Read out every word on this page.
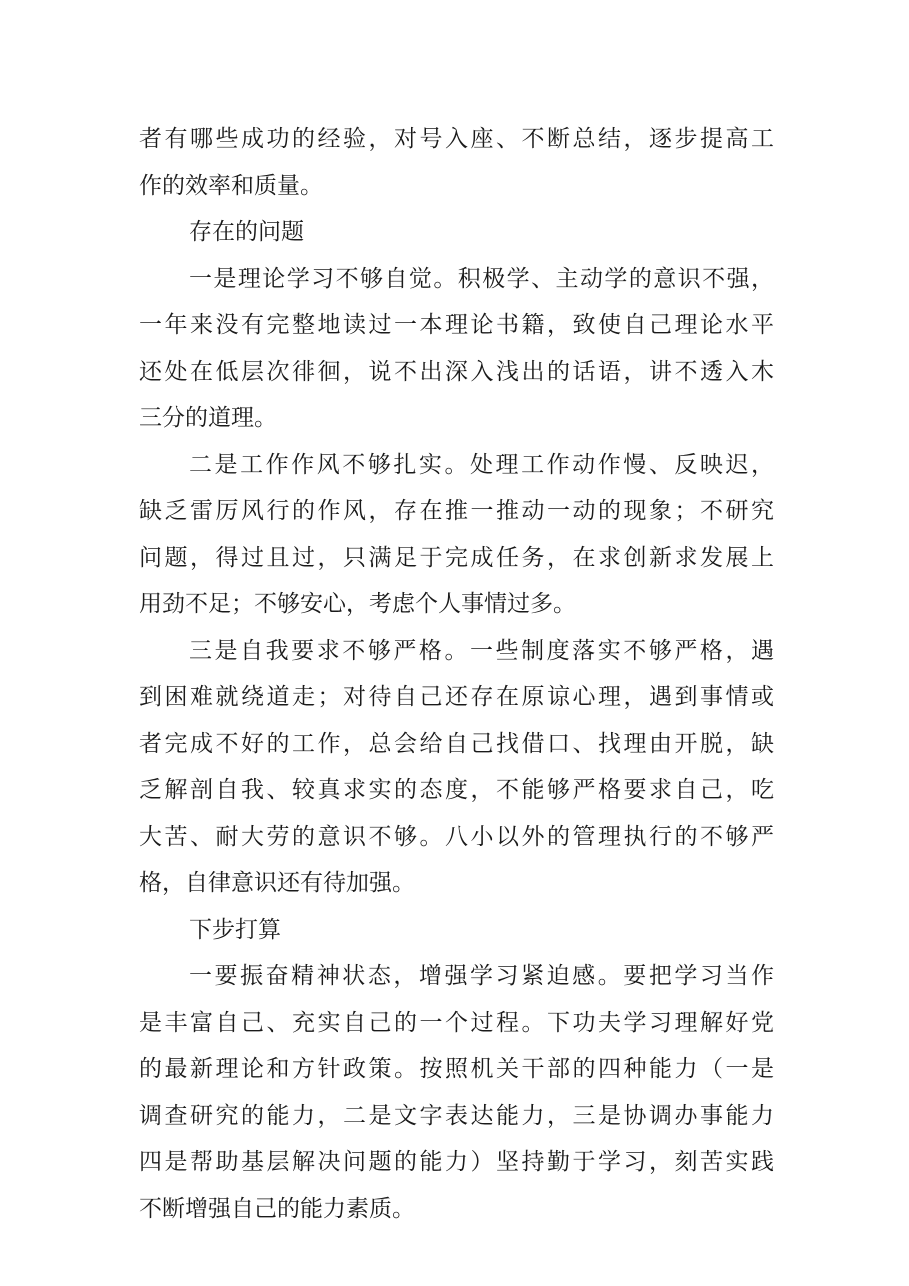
者有哪些成功的经验，对号入座、不断总结，逐步提高工
作的效率和质量。
存在的问题
一是理论学习不够自觉。积极学、主动学的意识不强，
一年来没有完整地读过一本理论书籍，致使自己理论水平
还处在低层次徘徊，说不出深入浅出的话语，讲不透入木
三分的道理。
二是工作作风不够扎实。处理工作动作慢、反映迟，
缺乏雷厉风行的作风，存在推一推动一动的现象；不研究
问题，得过且过，只满足于完成任务，在求创新求发展上
用劲不足；不够安心，考虑个人事情过多。
三是自我要求不够严格。一些制度落实不够严格，遇
到困难就绕道走；对待自己还存在原谅心理，遇到事情或
者完成不好的工作，总会给自己找借口、找理由开脱，缺
乏解剖自我、较真求实的态度，不能够严格要求自己，吃
大苦、耐大劳的意识不够。八小以外的管理执行的不够严
格，自律意识还有待加强。
下步打算
一要振奋精神状态，增强学习紧迫感。要把学习当作
是丰富自己、充实自己的一个过程。下功夫学习理解好党
的最新理论和方针政策。按照机关干部的四种能力（一是
调查研究的能力，二是文字表达能力，三是协调办事能力
四是帮助基层解决问题的能力）坚持勤于学习，刻苦实践
不断增强自己的能力素质。
